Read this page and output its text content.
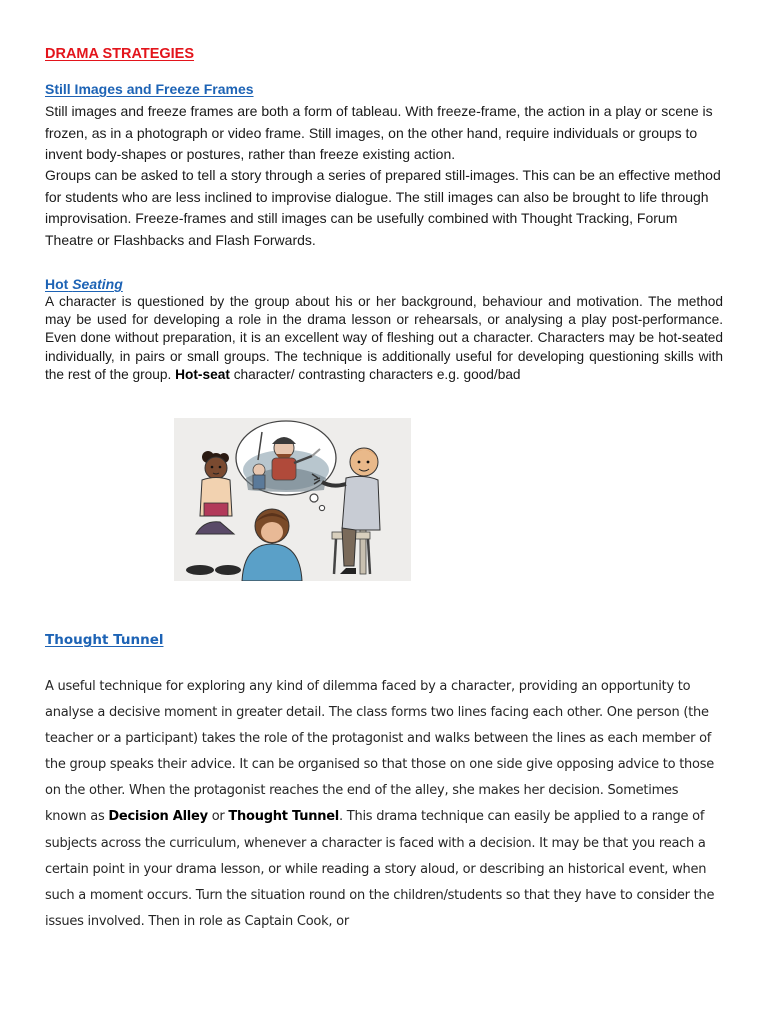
DRAMA STRATEGIES
Still Images and Freeze Frames

Still images and freeze frames are both a form of tableau. With freeze-frame, the action in a play or scene is frozen, as in a photograph or video frame. Still images, on the other hand, require individuals or groups to invent body-shapes or postures, rather than freeze existing action.

Groups can be asked to tell a story through a series of prepared still-images. This can be an effective method for students who are less inclined to improvise dialogue. The still images can also be brought to life through improvisation. Freeze-frames and still images can be usefully combined with Thought Tracking, Forum Theatre or Flashbacks and Flash Forwards.

Hot Seating

A character is questioned by the group about his or her background, behaviour and motivation. The method may be used for developing a role in the drama lesson or rehearsals, or analysing a play post-performance. Even done without preparation, it is an excellent way of fleshing out a character. Characters may be hot-seated individually, in pairs or small groups. The technique is additionally useful for developing questioning skills with the rest of the group. Hot-seat character/ contrasting characters e.g. good/bad

Thought Tunnel

A useful technique for exploring any kind of dilemma faced by a character, providing an opportunity to analyse a decisive moment in greater detail. The class forms two lines facing each other. One person (the teacher or a participant) takes the role of the protagonist and walks between the lines as each member of the group speaks their advice. It can be organised so that those on one side give opposing advice to those on the other. When the protagonist reaches the end of the alley, she makes her decision. Sometimes known as Decision Alley or Thought Tunnel. This drama technique can easily be applied to a range of subjects across the curriculum, whenever a character is faced with a decision. It may be that you reach a certain point in your drama lesson, or while reading a story aloud, or describing an historical event, when such a moment occurs. Turn the situation round on the children/students so that they have to consider the issues involved. Then in role as Captain Cook, or
